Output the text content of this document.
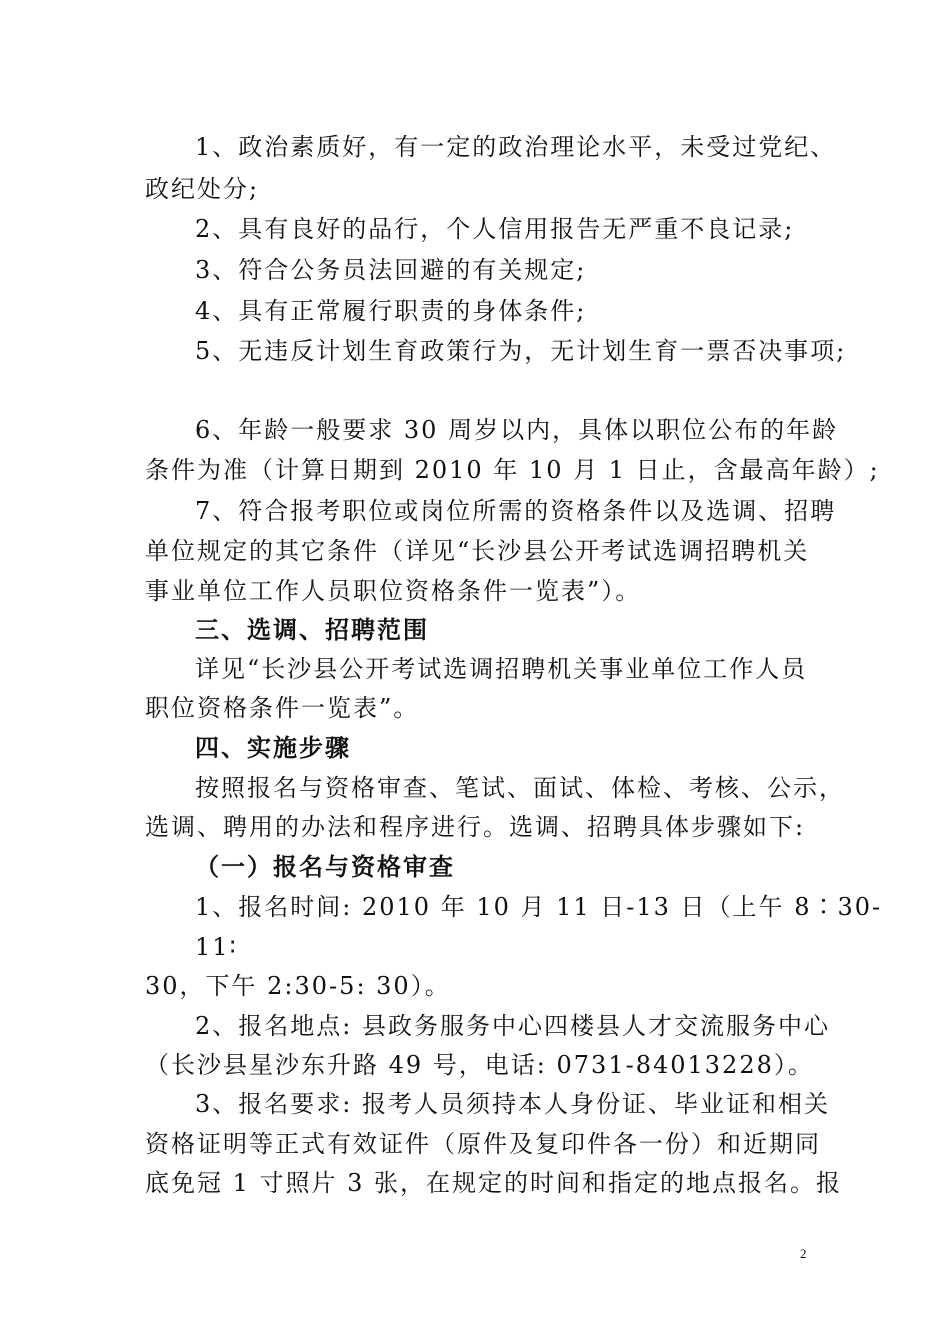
1、政治素质好，有一定的政治理论水平，未受过党纪、
政纪处分;
2、具有良好的品行，个人信用报告无严重不良记录;
3、符合公务员法回避的有关规定;
4、具有正常履行职责的身体条件;
5、无违反计划生育政策行为，无计划生育一票否决事项;
6、年龄一般要求 30 周岁以内，具体以职位公布的年龄
条件为准（计算日期到 2010 年 10 月 1 日止，含最高年龄）;
7、符合报考职位或岗位所需的资格条件以及选调、招聘
单位规定的其它条件（详见“长沙县公开考试选调招聘机关
事业单位工作人员职位资格条件一览表”）。
三、选调、招聘范围
详见“长沙县公开考试选调招聘机关事业单位工作人员
职位资格条件一览表”。
四、实施步骤
按照报名与资格审查、笔试、面试、体检、考核、公示，
选调、聘用的办法和程序进行。选调、招聘具体步骤如下:
（一）报名与资格审查
1、报名时间: 2010 年 10 月 11 日-13 日（上午 8∶30-
11∶
30，下午 2:30-5: 30）。
2、报名地点: 县政务服务中心四楼县人才交流服务中心
（长沙县星沙东升路 49 号，电话: 0731-84013228）。
3、报名要求: 报考人员须持本人身份证、毕业证和相关
资格证明等正式有效证件（原件及复印件各一份）和近期同
底免冠 1 寸照片 3 张，在规定的时间和指定的地点报名。报
2
